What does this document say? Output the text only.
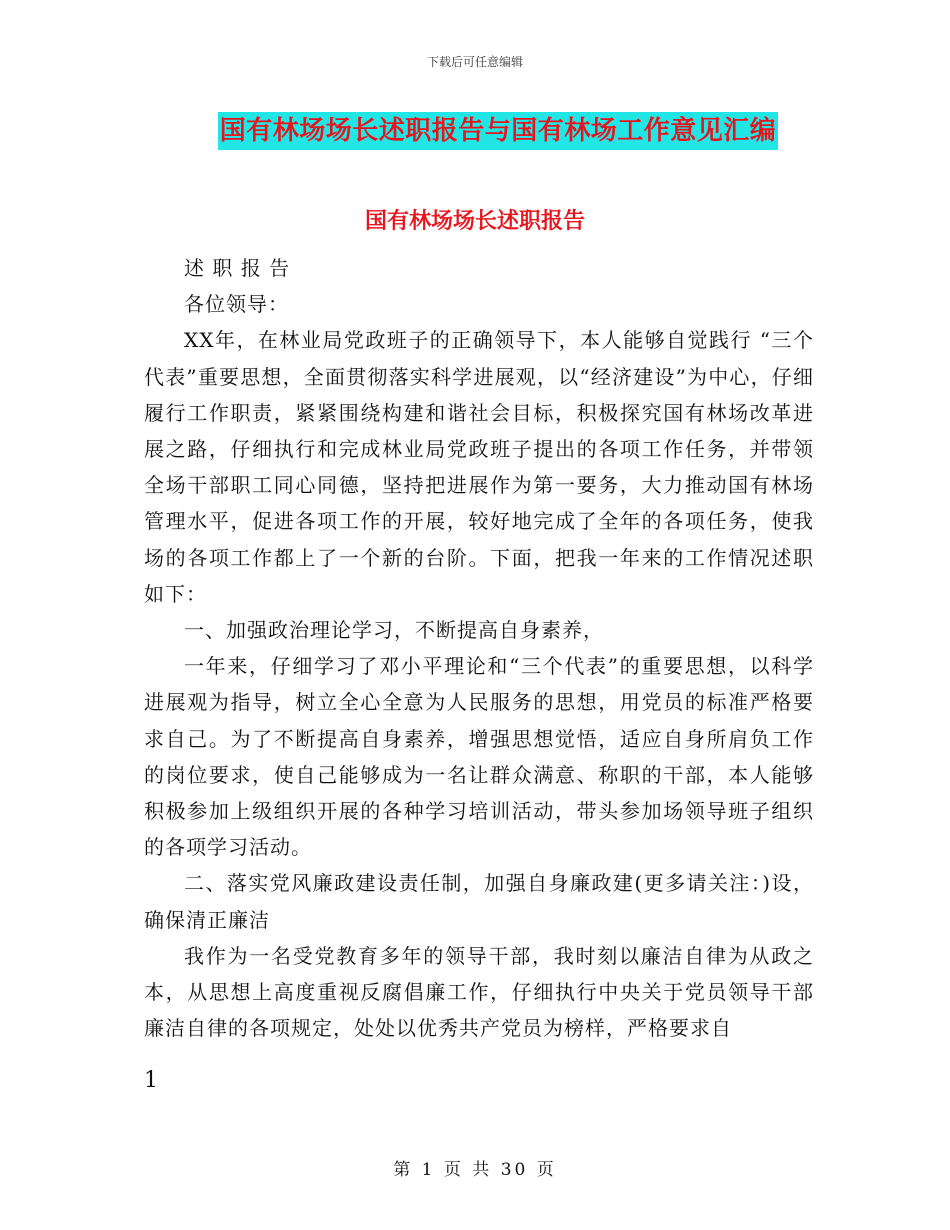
下载后可任意编辑
国有林场场长述职报告与国有林场工作意见汇编
国有林场场长述职报告

述 职 报 告

各位领导：

XX年，在林业局党政班子的正确领导下，本人能够自觉践行 “三个代表”重要思想，全面贯彻落实科学进展观，以“经济建设”为中心，仔细履行工作职责，紧紧围绕构建和谐社会目标，积极探究国有林场改革进展之路，仔细执行和完成林业局党政班子提出的各项工作任务，并带领全场干部职工同心同德，坚持把进展作为第一要务，大力推动国有林场管理水平，促进各项工作的开展，较好地完成了全年的各项任务，使我场的各项工作都上了一个新的台阶。下面，把我一年来的工作情况述职如下：

一、加强政治理论学习，不断提高自身素养，

一年来，仔细学习了邓小平理论和“三个代表”的重要思想，以科学进展观为指导，树立全心全意为人民服务的思想，用党员的标准严格要求自己。为了不断提高自身素养，增强思想觉悟，适应自身所肩负工作的岗位要求，使自己能够成为一名让群众满意、称职的干部，本人能够积极参加上级组织开展的各种学习培训活动，带头参加场领导班子组织的各项学习活动。

二、落实党风廉政建设责任制，加强自身廉政建(更多请关注：)设，确保清正廉洁

我作为一名受党教育多年的领导干部，我时刻以廉洁自律为从政之本，从思想上高度重视反腐倡廉工作，仔细执行中央关于党员领导干部廉洁自律的各项规定，处处以优秀共产党员为榜样，严格要求自

1
第 1 页 共 30 页
